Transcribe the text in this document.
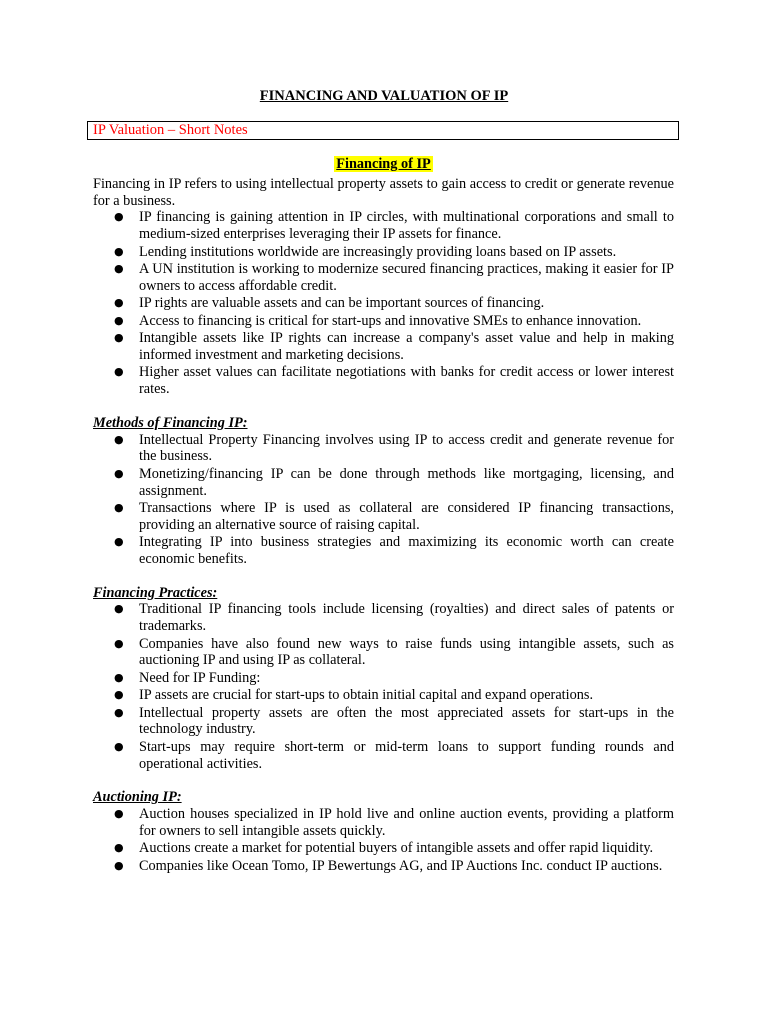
FINANCING AND VALUATION OF IP
IP Valuation – Short Notes
Financing of IP

Financing in IP refers to using intellectual property assets to gain access to credit or generate revenue for a business.

● IP financing is gaining attention in IP circles, with multinational corporations and small to medium-sized enterprises leveraging their IP assets for finance.
● Lending institutions worldwide are increasingly providing loans based on IP assets.
● A UN institution is working to modernize secured financing practices, making it easier for IP owners to access affordable credit.
● IP rights are valuable assets and can be important sources of financing.
● Access to financing is critical for start-ups and innovative SMEs to enhance innovation.
● Intangible assets like IP rights can increase a company's asset value and help in making informed investment and marketing decisions.
● Higher asset values can facilitate negotiations with banks for credit access or lower interest rates.
Methods of Financing IP:
● Intellectual Property Financing involves using IP to access credit and generate revenue for the business.
● Monetizing/financing IP can be done through methods like mortgaging, licensing, and assignment.
● Transactions where IP is used as collateral are considered IP financing transactions, providing an alternative source of raising capital.
● Integrating IP into business strategies and maximizing its economic worth can create economic benefits.
Financing Practices:
● Traditional IP financing tools include licensing (royalties) and direct sales of patents or trademarks.
● Companies have also found new ways to raise funds using intangible assets, such as auctioning IP and using IP as collateral.
● Need for IP Funding:
● IP assets are crucial for start-ups to obtain initial capital and expand operations.
● Intellectual property assets are often the most appreciated assets for start-ups in the technology industry.
● Start-ups may require short-term or mid-term loans to support funding rounds and operational activities.
Auctioning IP:
● Auction houses specialized in IP hold live and online auction events, providing a platform for owners to sell intangible assets quickly.
● Auctions create a market for potential buyers of intangible assets and offer rapid liquidity.
● Companies like Ocean Tomo, IP Bewertungs AG, and IP Auctions Inc. conduct IP auctions.
